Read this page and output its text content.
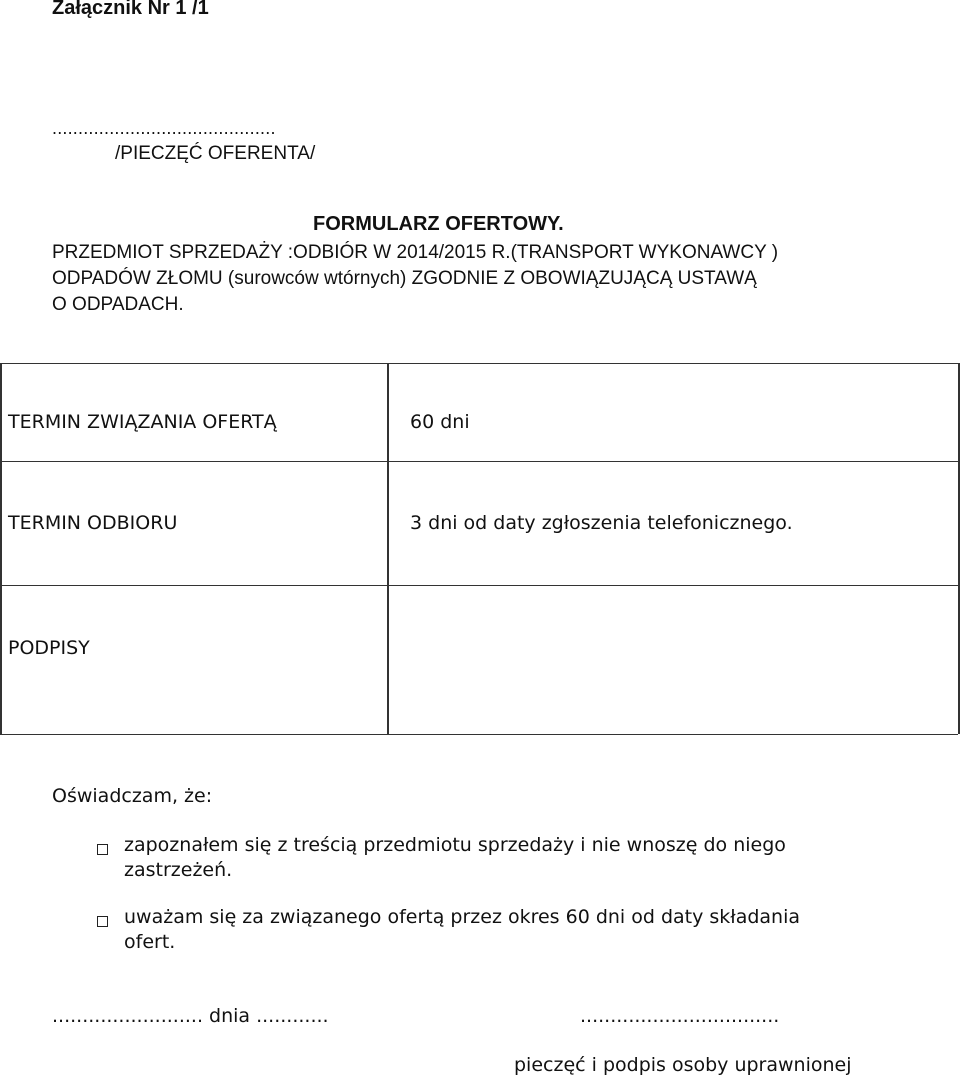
Załącznik Nr 1 /1
...........................................
/PIECZĘĆ OFERENTA/
FORMULARZ OFERTOWY.
PRZEDMIOT SPRZEDAŻY :ODBIÓR W 2014/2015 R.(TRANSPORT WYKONAWCY )
ODPADÓW ZŁOMU (surowców wtórnych) ZGODNIE Z OBOWIĄZUJĄCĄ USTAWĄ
O ODPADACH.
TERMIN ZWIĄZANIA OFERTĄ	60 dni
TERMIN ODBIORU	3 dni od daty zgłoszenia telefonicznego.
PODPISY
Oświadczam, że:
zapoznałem się z treścią przedmiotu sprzedaży i nie wnoszę do niego
zastrzeżeń.
uważam się za związanego ofertą przez okres 60 dni od daty składania
ofert.
......................... dnia ............	.................................
pieczęć i podpis osoby uprawnionej
